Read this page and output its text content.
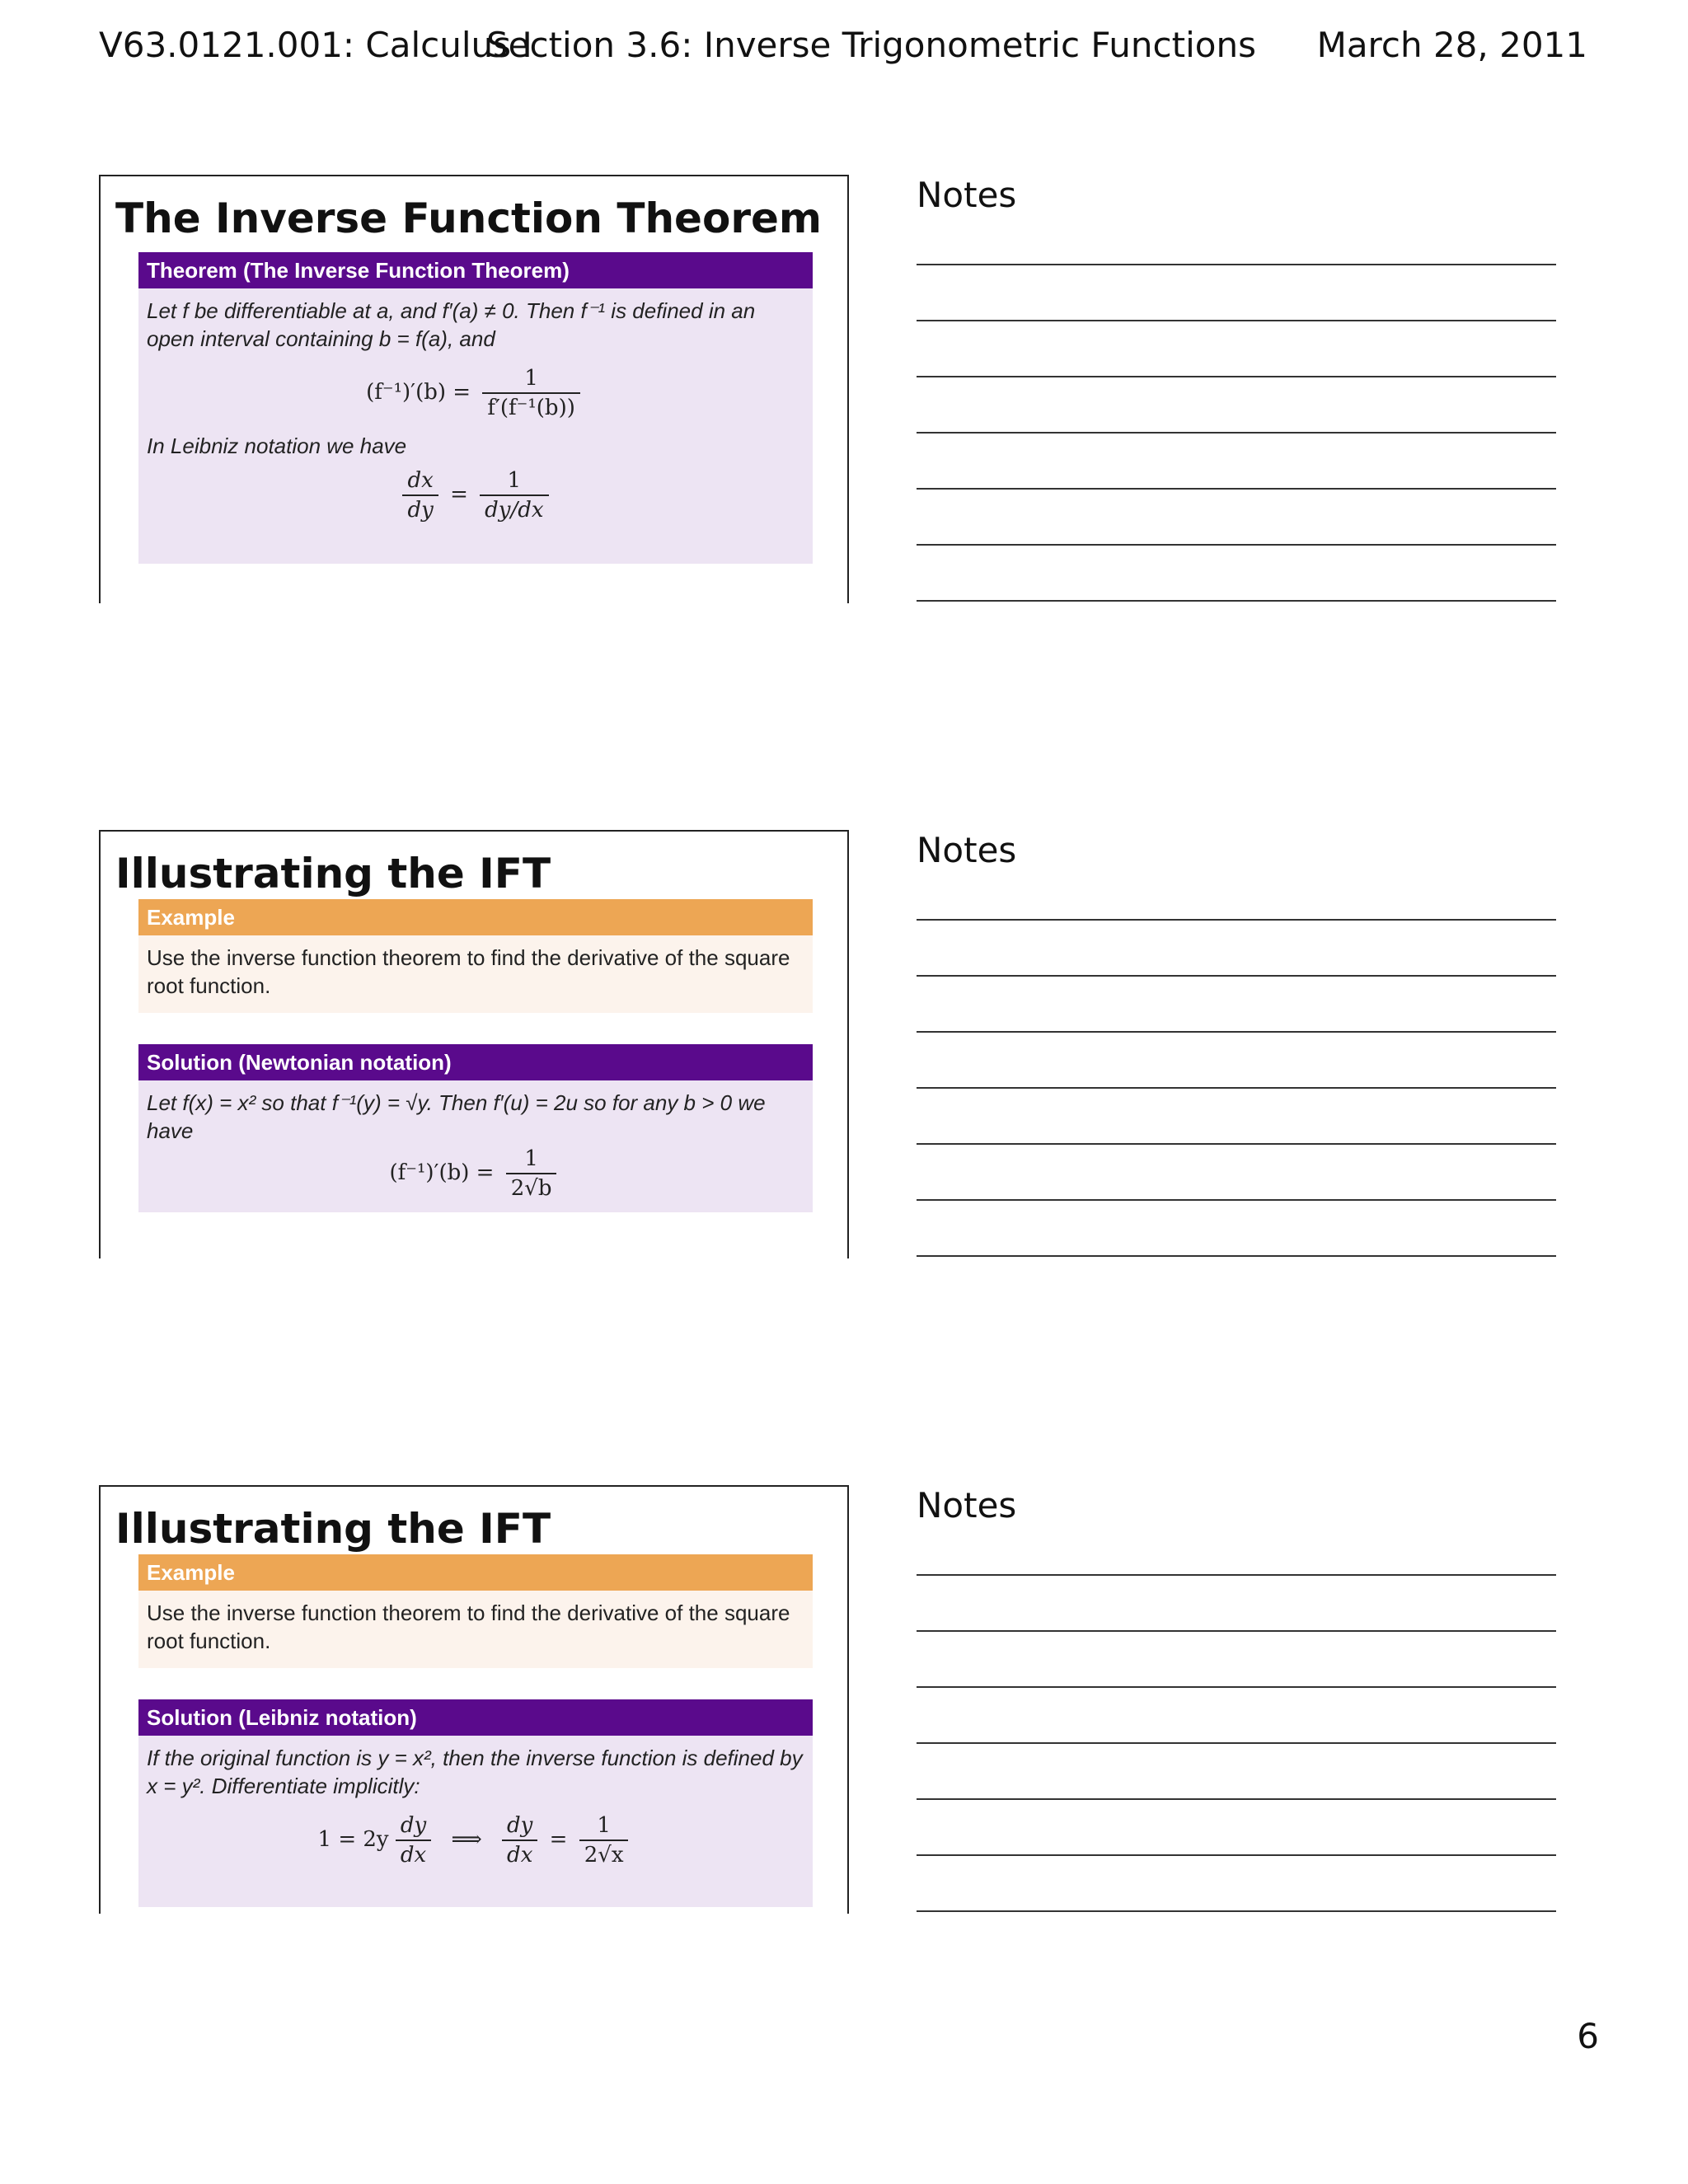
V63.0121.001: Calculus I
Section 3.6: Inverse Trigonometric Functions March 28, 2011
The Inverse Function Theorem
Theorem (The Inverse Function Theorem)
Let f be differentiable at a, and f′(a) ≠ 0. Then f⁻¹ is defined in an open interval containing b = f(a), and
$(f^{-1})'(b) = \frac{1}{\text{f′(f⁻¹(b))}}$
In Leibniz notation we have
$\frac{dx}{dy} = \frac{1}{dy/dx}$
Notes
Illustrating the IFT
Example
Use the inverse function theorem to find the derivative of the square root function.
Solution (Newtonian notation)
Let f(x) = x² so that f⁻¹(y) = √y. Then f′(u) = 2u so for any b > 0 we have
$(f^{-1})'(b) = \frac{1}{2√b}$
Notes
Illustrating the IFT
Example
Use the inverse function theorem to find the derivative of the square root function.
Solution (Leibniz notation)
If the original function is y = x², then the inverse function is defined by x = y². Differentiate implicitly:
$1 = 2y \frac{dy}{dx}$ ⟹ $\frac{dy}{dx} = \frac{1}{2√x}$
Notes
6
